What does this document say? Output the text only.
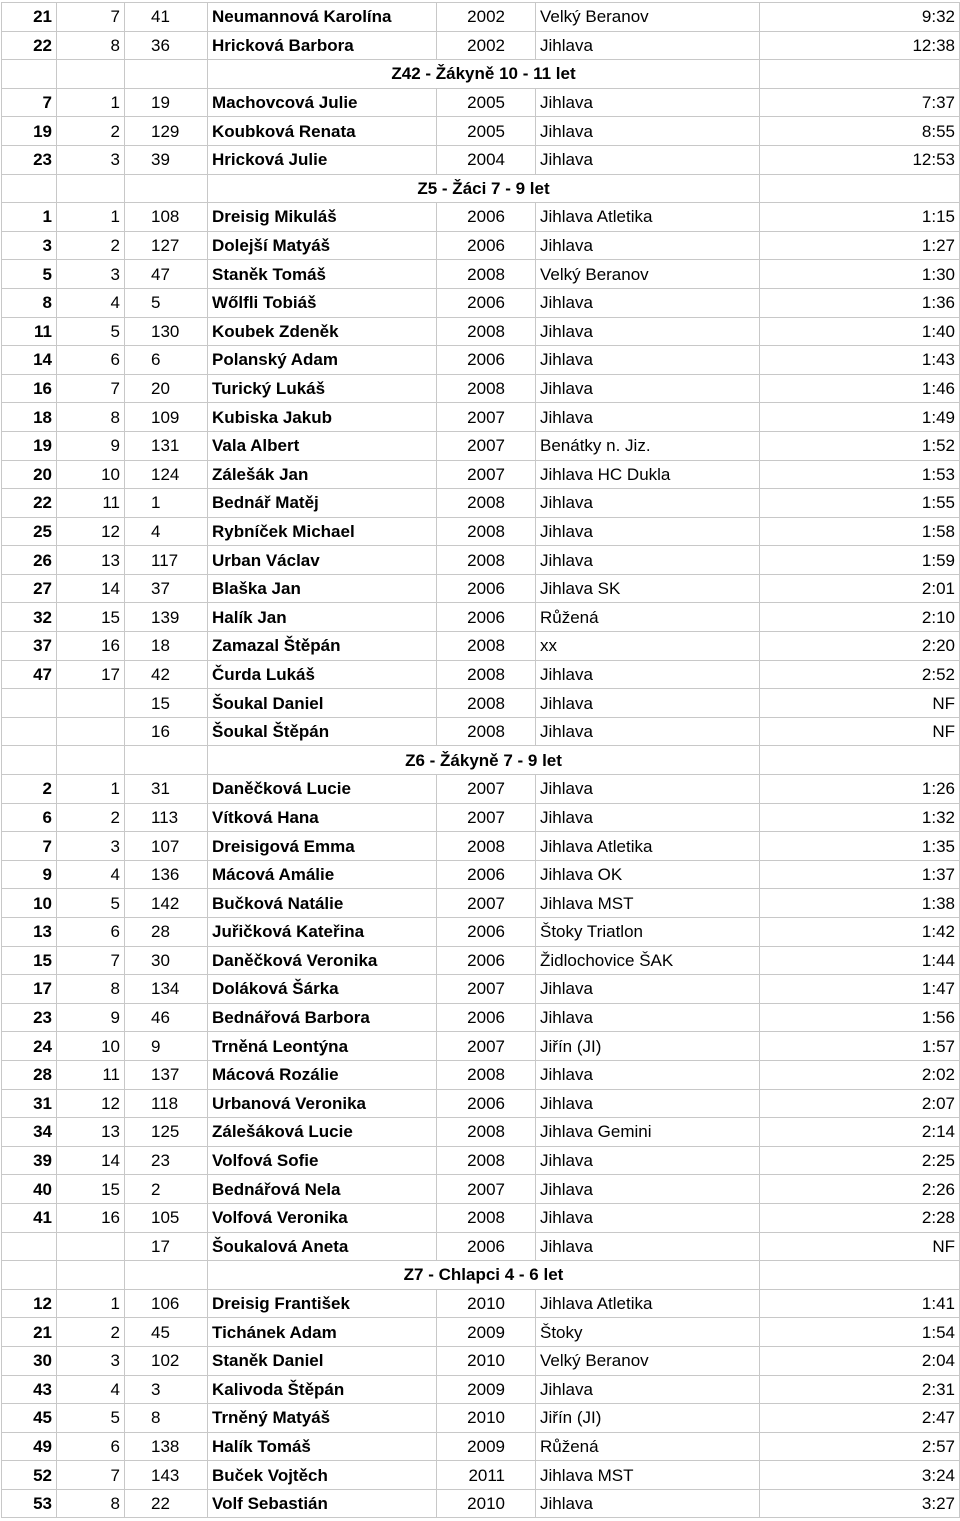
21	7	41	Neumannová Karolína	2002	Velký Beranov	9:32
22	8	36	Hricková Barbora	2002	Jihlava	12:38
			Z42 - Žákyně 10 - 11 let			
7	1	19	Machovcová Julie	2005	Jihlava	7:37
19	2	129	Koubková Renata	2005	Jihlava	8:55
23	3	39	Hricková Julie	2004	Jihlava	12:53
			Z5 - Žáci 7 - 9 let			
1	1	108	Dreisig Mikuláš	2006	Jihlava Atletika	1:15
3	2	127	Dolejší Matyáš	2006	Jihlava	1:27
5	3	47	Staněk Tomáš	2008	Velký Beranov	1:30
8	4	5	Wőlfli Tobiáš	2006	Jihlava	1:36
11	5	130	Koubek Zdeněk	2008	Jihlava	1:40
14	6	6	Polanský Adam	2006	Jihlava	1:43
16	7	20	Turický Lukáš	2008	Jihlava	1:46
18	8	109	Kubiska Jakub	2007	Jihlava	1:49
19	9	131	Vala Albert	2007	Benátky n. Jiz.	1:52
20	10	124	Zálešák Jan	2007	Jihlava HC Dukla	1:53
22	11	1	Bednář Matěj	2008	Jihlava	1:55
25	12	4	Rybníček Michael	2008	Jihlava	1:58
26	13	117	Urban Václav	2008	Jihlava	1:59
27	14	37	Blaška Jan	2006	Jihlava SK	2:01
32	15	139	Halík Jan	2006	Růžená	2:10
37	16	18	Zamazal Štěpán	2008	xx	2:20
47	17	42	Čurda Lukáš	2008	Jihlava	2:52
		15	Šoukal Daniel	2008	Jihlava	NF
		16	Šoukal Štěpán	2008	Jihlava	NF
			Z6 - Žákyně 7 - 9 let			
2	1	31	Daněčková Lucie	2007	Jihlava	1:26
6	2	113	Vítková Hana	2007	Jihlava	1:32
7	3	107	Dreisigová Emma	2008	Jihlava Atletika	1:35
9	4	136	Mácová Amálie	2006	Jihlava OK	1:37
10	5	142	Bučková Natálie	2007	Jihlava MST	1:38
13	6	28	Juřičková Kateřina	2006	Štoky Triatlon	1:42
15	7	30	Daněčková Veronika	2006	Židlochovice ŠAK	1:44
17	8	134	Doláková Šárka	2007	Jihlava	1:47
23	9	46	Bednářová Barbora	2006	Jihlava	1:56
24	10	9	Trněná Leontýna	2007	Jiřín (JI)	1:57
28	11	137	Mácová Rozálie	2008	Jihlava	2:02
31	12	118	Urbanová Veronika	2006	Jihlava	2:07
34	13	125	Zálešáková Lucie	2008	Jihlava Gemini	2:14
39	14	23	Volfová Sofie	2008	Jihlava	2:25
40	15	2	Bednářová Nela	2007	Jihlava	2:26
41	16	105	Volfová Veronika	2008	Jihlava	2:28
		17	Šoukalová Aneta	2006	Jihlava	NF
			Z7 - Chlapci 4 - 6 let			
12	1	106	Dreisig František	2010	Jihlava Atletika	1:41
21	2	45	Tichánek Adam	2009	Štoky	1:54
30	3	102	Staněk Daniel	2010	Velký Beranov	2:04
43	4	3	Kalivoda Štěpán	2009	Jihlava	2:31
45	5	8	Trněný Matyáš	2010	Jiřín (JI)	2:47
49	6	138	Halík Tomáš	2009	Růžená	2:57
52	7	143	Buček Vojtěch	2011	Jihlava MST	3:24
53	8	22	Volf Sebastián	2010	Jihlava	3:27
